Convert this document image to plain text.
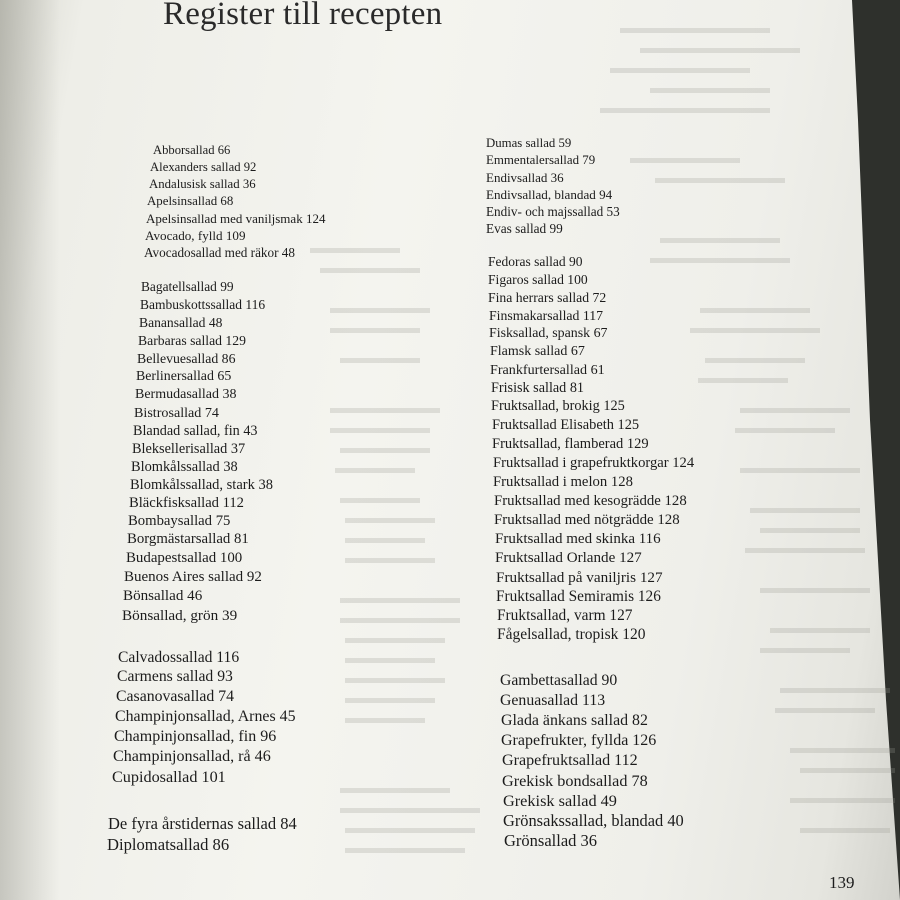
Register till recepten
Abborsallad 66
Alexanders sallad 92
Andalusisk sallad 36
Apelsinsallad 68
Apelsinsallad med vaniljsmak 124
Avocado, fylld 109
Avocadosallad med räkor 48
Bagatellsallad 99
Bambuskottssallad 116
Banansallad 48
Barbaras sallad 129
Bellevuesallad 86
Berlinersallad 65
Bermudasallad 38
Bistrosallad 74
Blandad sallad, fin 43
Bleksellerisallad 37
Blomkålssallad 38
Blomkålssallad, stark 38
Bläckfisksallad 112
Bombaysallad 75
Borgmästarsallad 81
Budapestsallad 100
Buenos Aires sallad 92
Bönsallad 46
Bönsallad, grön 39
Calvadossallad 116
Carmens sallad 93
Casanovasallad 74
Champinjonsallad, Arnes 45
Champinjonsallad, fin 96
Champinjonsallad, rå 46
Cupidosallad 101
De fyra årstidernas sallad 84
Diplomatsallad 86
Dumas sallad 59
Emmentalersallad 79
Endivsallad 36
Endivsallad, blandad 94
Endiv- och majssallad 53
Evas sallad 99
Fedoras sallad 90
Figaros sallad 100
Fina herrars sallad 72
Finsmakarsallad 117
Fisksallad, spansk 67
Flamsk sallad 67
Frankfurtersallad 61
Frisisk sallad 81
Fruktsallad, brokig 125
Fruktsallad Elisabeth 125
Fruktsallad, flamberad 129
Fruktsallad i grapefruktkorgar 124
Fruktsallad i melon 128
Fruktsallad med kesogrädde 128
Fruktsallad med nötgrädde 128
Fruktsallad med skinka 116
Fruktsallad Orlande 127
Fruktsallad på vaniljris 127
Fruktsallad Semiramis 126
Fruktsallad, varm 127
Fågelsallad, tropisk 120
Gambettasallad 90
Genuasallad 113
Glada änkans sallad 82
Grapefrukter, fyllda 126
Grapefruktsallad 112
Grekisk bondsallad 78
Grekisk sallad 49
Grönsakssallad, blandad 40
Grönsallad 36
139
